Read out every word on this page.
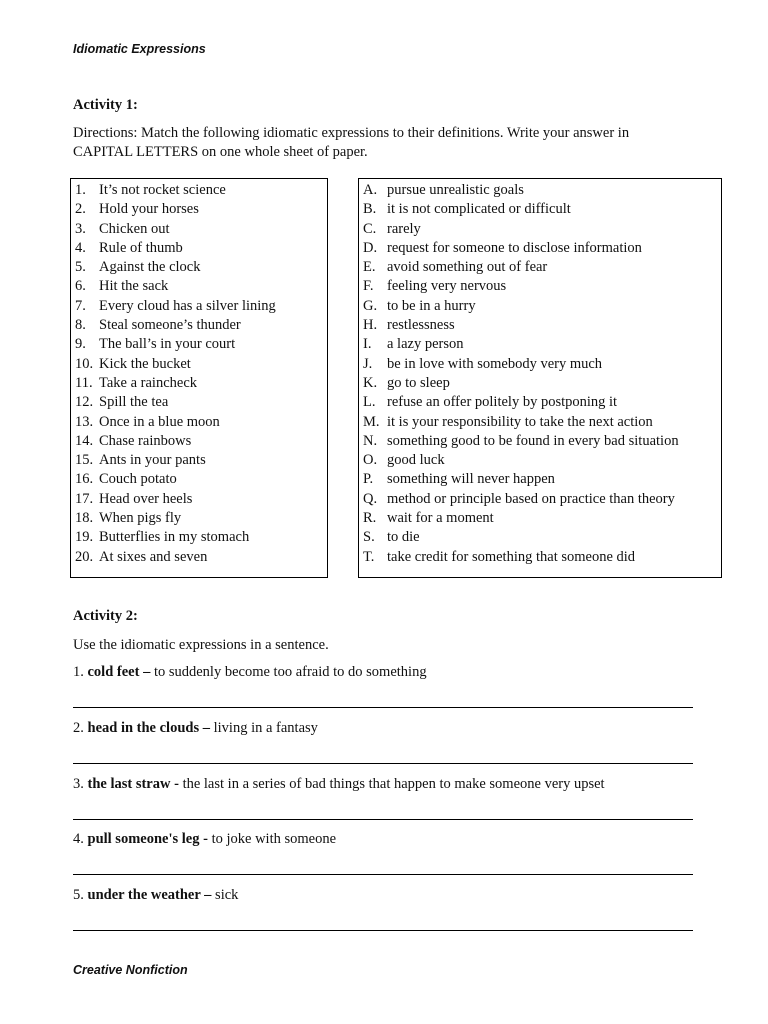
Idiomatic Expressions
Activity 1:
Directions: Match the following idiomatic expressions to their definitions. Write your answer in
CAPITAL LETTERS on one whole sheet of paper.
1. It’s not rocket science
2. Hold your horses
3. Chicken out
4. Rule of thumb
5. Against the clock
6. Hit the sack
7. Every cloud has a silver lining
8. Steal someone’s thunder
9. The ball’s in your court
10. Kick the bucket
11. Take a raincheck
12. Spill the tea
13. Once in a blue moon
14. Chase rainbows
15. Ants in your pants
16. Couch potato
17. Head over heels
18. When pigs fly
19. Butterflies in my stomach
20. At sixes and seven
A. pursue unrealistic goals
B. it is not complicated or difficult
C. rarely
D. request for someone to disclose information
E. avoid something out of fear
F. feeling very nervous
G. to be in a hurry
H. restlessness
I. a lazy person
J. be in love with somebody very much
K. go to sleep
L. refuse an offer politely by postponing it
M. it is your responsibility to take the next action
N. something good to be found in every bad situation
O. good luck
P. something will never happen
Q. method or principle based on practice than theory
R. wait for a moment
S. to die
T. take credit for something that someone did
Activity 2:
Use the idiomatic expressions in a sentence.
1. cold feet – to suddenly become too afraid to do something
2. head in the clouds – living in a fantasy
3. the last straw - the last in a series of bad things that happen to make someone very upset
4. pull someone's leg - to joke with someone
5. under the weather – sick
Creative Nonfiction
